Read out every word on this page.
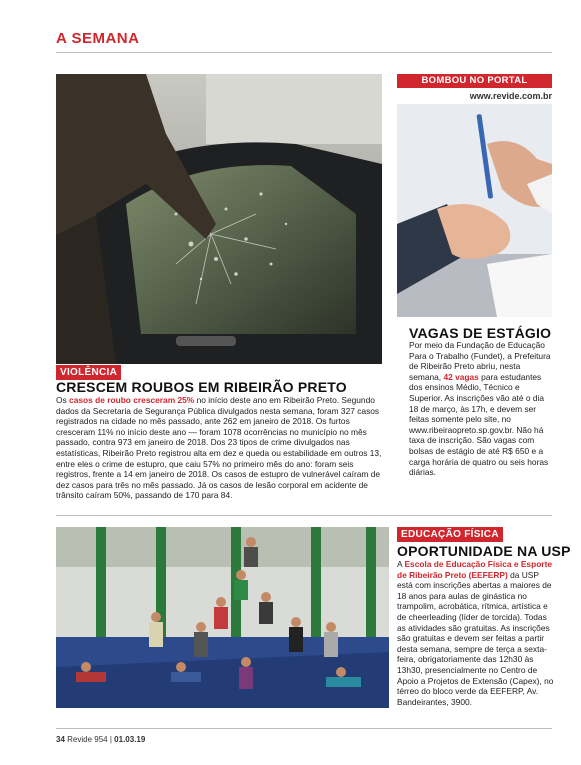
A SEMANA
VIOLÊNCIA
CRESCEM ROUBOS EM RIBEIRÃO PRETO
Os casos de roubo cresceram 25% no início deste ano em Ribeirão Preto. Segundo dados da Secretaria de Segurança Pública divulgados nesta semana, foram 327 casos registrados na cidade no mês passado, ante 262 em janeiro de 2018. Os furtos cresceram 11% no início deste ano — foram 1078 ocorrências no município no mês passado, contra 973 em janeiro de 2018. Dos 23 tipos de crime divulgados nas estatísticas, Ribeirão Preto registrou alta em dez e queda ou estabilidade em outros 13, entre eles o crime de estupro, que caiu 57% no primeiro mês do ano: foram seis registros, frente a 14 em janeiro de 2018. Os casos de estupro de vulnerável caíram de dez casos para três no mês passado. Já os casos de lesão corporal em acidente de trânsito caíram 50%, passando de 170 para 84.
BOMBOU NO PORTAL
www.revide.com.br
VAGAS DE ESTÁGIO
Por meio da Fundação de Educação Para o Trabalho (Fundet), a Prefeitura de Ribeirão Preto abriu, nesta semana, 42 vagas para estudantes dos ensinos Médio, Técnico e Superior. As inscrições vão até o dia 18 de março, às 17h, e devem ser feitas somente pelo site, no www.ribeiraopreto.sp.gov.br. Não há taxa de inscrição. São vagas com bolsas de estágio de até R$ 650 e a carga horária de quatro ou seis horas diárias.
EDUCAÇÃO FÍSICA
OPORTUNIDADE NA USP
A Escola de Educação Física e Esporte de Ribeirão Preto (EEFERP) da USP está com inscrições abertas a maiores de 18 anos para aulas de ginástica no trampolim, acrobática, rítmica, artística e de cheerleading (líder de torcida). Todas as atividades são gratuitas. As inscrições são gratuitas e devem ser feitas a partir desta semana, sempre de terça a sexta-feira, obrigatoriamente das 12h30 às 13h30, presencialmente no Centro de Apoio a Projetos de Extensão (Capex), no térreo do bloco verde da EEFERP, Av. Bandeirantes, 3900.
34 Revide 954 | 01.03.19
